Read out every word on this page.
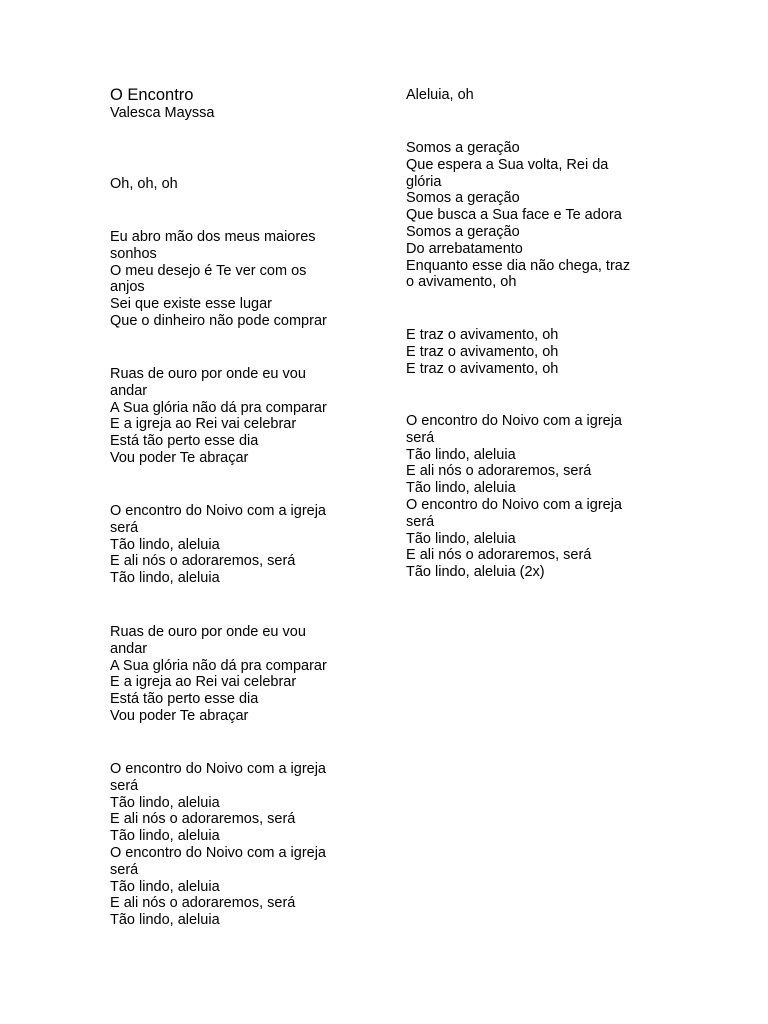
O Encontro
Valesca Mayssa
Oh, oh, oh
Eu abro mão dos meus maiores
sonhos
O meu desejo é Te ver com os
anjos
Sei que existe esse lugar
Que o dinheiro não pode comprar
Ruas de ouro por onde eu vou
andar
A Sua glória não dá pra comparar
E a igreja ao Rei vai celebrar
Está tão perto esse dia
Vou poder Te abraçar
O encontro do Noivo com a igreja
será
Tão lindo, aleluia
E ali nós o adoraremos, será
Tão lindo, aleluia
Ruas de ouro por onde eu vou
andar
A Sua glória não dá pra comparar
E a igreja ao Rei vai celebrar
Está tão perto esse dia
Vou poder Te abraçar
O encontro do Noivo com a igreja
será
Tão lindo, aleluia
E ali nós o adoraremos, será
Tão lindo, aleluia
O encontro do Noivo com a igreja
será
Tão lindo, aleluia
E ali nós o adoraremos, será
Tão lindo, aleluia
Aleluia, oh
Somos a geração
Que espera a Sua volta, Rei da
glória
Somos a geração
Que busca a Sua face e Te adora
Somos a geração
Do arrebatamento
Enquanto esse dia não chega, traz
o avivamento, oh
E traz o avivamento, oh
E traz o avivamento, oh
E traz o avivamento, oh
O encontro do Noivo com a igreja
será
Tão lindo, aleluia
E ali nós o adoraremos, será
Tão lindo, aleluia
O encontro do Noivo com a igreja
será
Tão lindo, aleluia
E ali nós o adoraremos, será
Tão lindo, aleluia (2x)
